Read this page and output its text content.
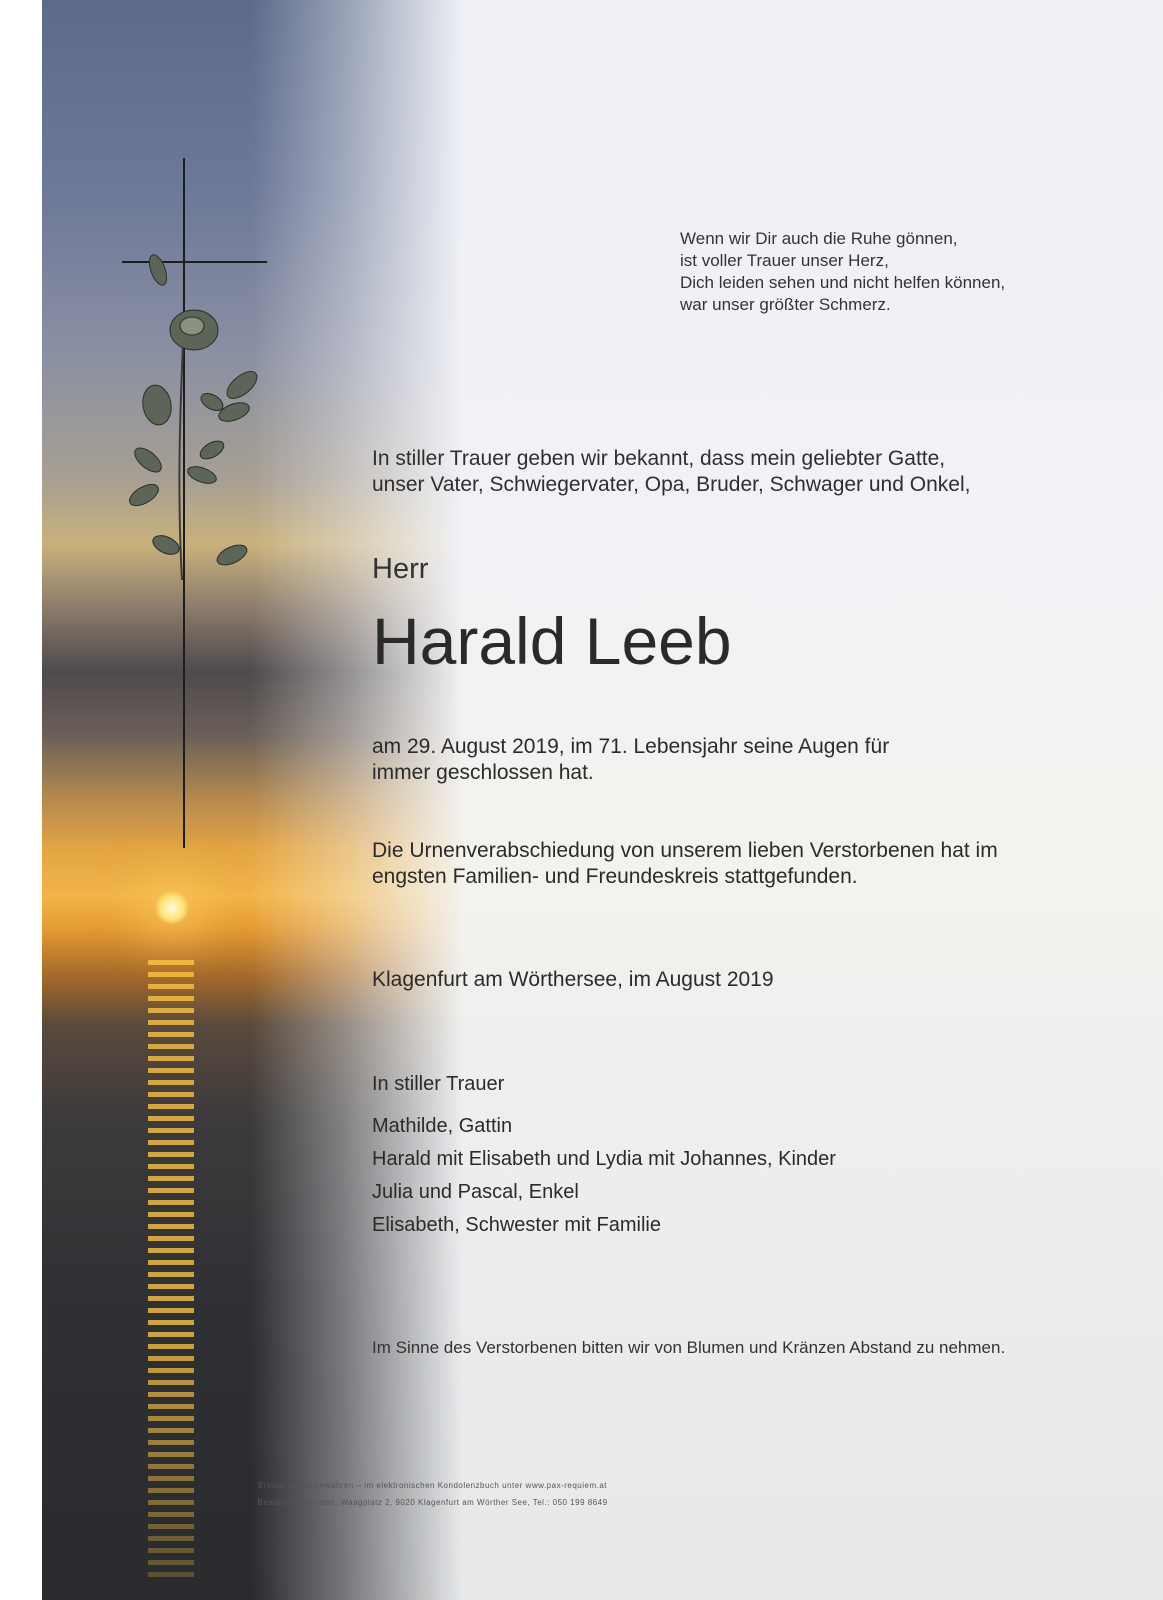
Wenn wir Dir auch die Ruhe gönnen,
ist voller Trauer unser Herz,
Dich leiden sehen und nicht helfen können,
war unser größter Schmerz.
In stiller Trauer geben wir bekannt, dass mein geliebter Gatte,
unser Vater, Schwiegervater, Opa, Bruder, Schwager und Onkel,
Herr
Harald Leeb
am 29. August 2019, im 71. Lebensjahr seine Augen für
immer geschlossen hat.
Die Urnenverabschiedung von unserem lieben Verstorbenen hat im
engsten Familien- und Freundeskreis stattgefunden.
Klagenfurt am Wörthersee, im August 2019
In stiller Trauer
Mathilde, Gattin
Harald mit Elisabeth und Lydia mit Johannes, Kinder
Julia und Pascal, Enkel
Elisabeth, Schwester mit Familie
Im Sinne des Verstorbenen bitten wir von Blumen und Kränzen Abstand zu nehmen.
Erinnerungen bewahren – im elektronischen Kondolenzbuch unter www.pax-requiem.at
Bestattung Kärnten, Waagplatz 2, 9020 Klagenfurt am Wörther See, Tel.: 050 199 8649
